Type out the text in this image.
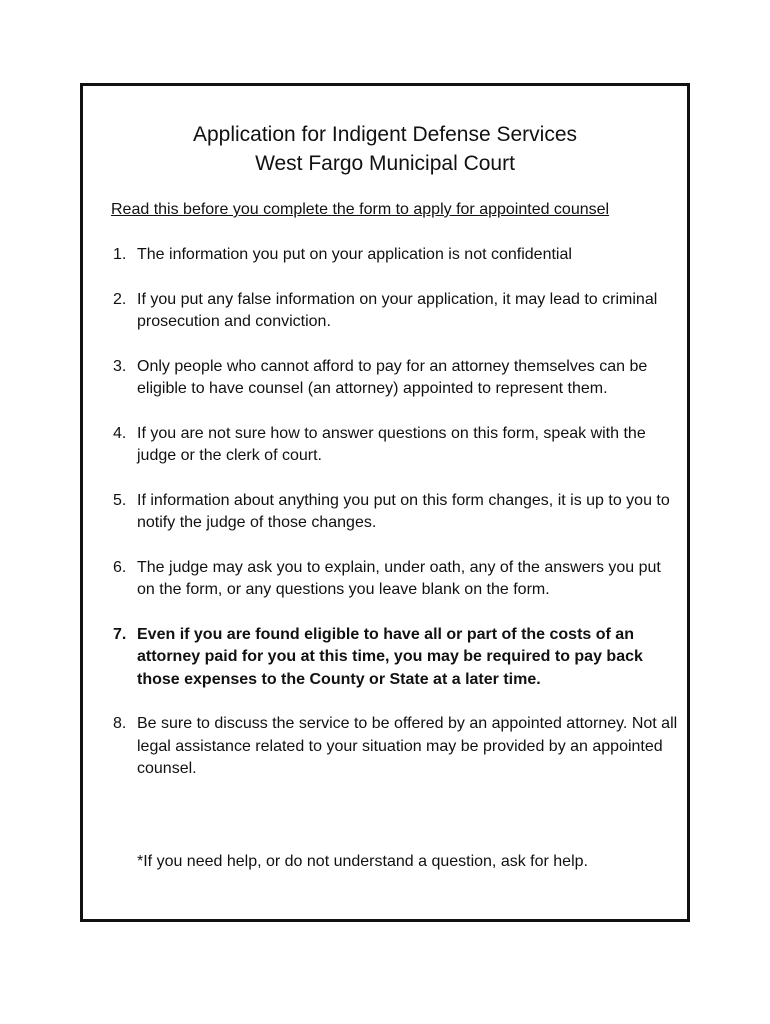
Application for Indigent Defense Services
West Fargo Municipal Court
Read this before you complete the form to apply for appointed counsel
1. The information you put on your application is not confidential
2. If you put any false information on your application, it may lead to criminal prosecution and conviction.
3. Only people who cannot afford to pay for an attorney themselves can be eligible to have counsel (an attorney) appointed to represent them.
4. If you are not sure how to answer questions on this form, speak with the judge or the clerk of court.
5. If information about anything you put on this form changes, it is up to you to notify the judge of those changes.
6. The judge may ask you to explain, under oath, any of the answers you put on the form, or any questions you leave blank on the form.
7. Even if you are found eligible to have all or part of the costs of an attorney paid for you at this time, you may be required to pay back those expenses to the County or State at a later time.
8. Be sure to discuss the service to be offered by an appointed attorney. Not all legal assistance related to your situation may be provided by an appointed counsel.
*If you need help, or do not understand a question, ask for help.
